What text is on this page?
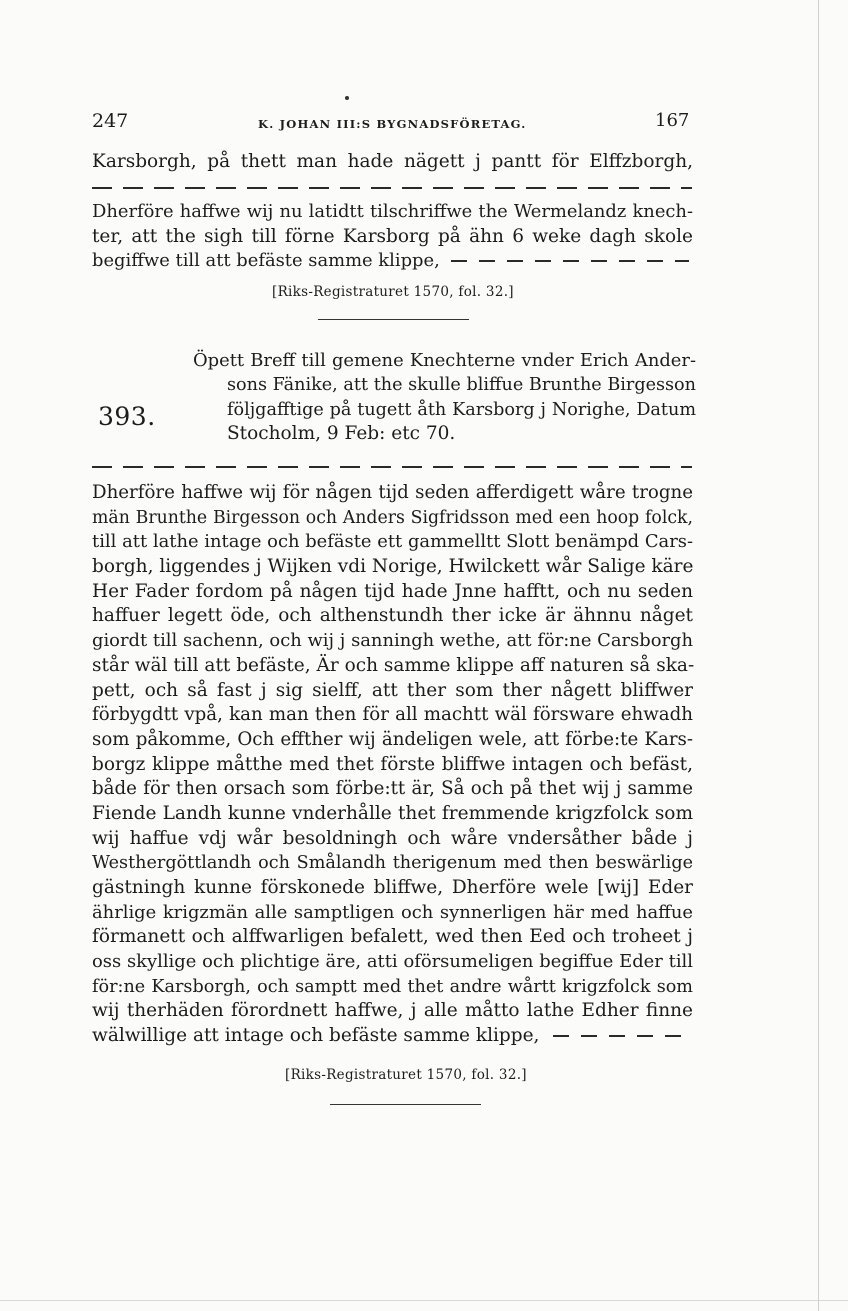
247	K. JOHAN III:S BYGNADSFÖRETAG.	167
Karsborgh, på thett man hade nägett j pantt för Elffzborgh,
Dherföre haffwe wij nu latidtt tilschriffwe the Wermelandz knech-
ter, att the sigh till förne Karsborg på ähn 6 weke dagh skole
begiffwe till att befäste samme klippe,
[Riks-Registraturet 1570, fol. 32.]
393.
Öpett Breff till gemene Knechterne vnder Erich Ander-
sons Fänike, att the skulle bliffue Brunthe Birgesson
följgafftige på tugett åth Karsborg j Norighe, Datum
Stocholm, 9 Feb: etc 70.
Dherföre haffwe wij för någen tijd seden afferdigett wåre trogne
män Brunthe Birgesson och Anders Sigfridsson med een hoop folck,
till att lathe intage och befäste ett gammelltt Slott benämpd Cars-
borgh, liggendes j Wijken vdi Norige, Hwilckett wår Salige käre
Her Fader fordom på någen tijd hade Jnne hafftt, och nu seden
haffuer legett öde, och althenstundh ther icke är ähnnu någet
giordt till sachenn, och wij j sanningh wethe, att för:ne Carsborgh
står wäl till att befäste, Är och samme klippe aff naturen så ska-
pett, och så fast j sig sielff, att ther som ther någett bliffwer
förbygdtt vpå, kan man then för all machtt wäl försware ehwadh
som påkomme, Och effther wij ändeligen wele, att förbe:te Kars-
borgz klippe måtthe med thet förste bliffwe intagen och befäst,
både för then orsach som förbe:tt är, Så och på thet wij j samme
Fiende Landh kunne vnderhålle thet fremmende krigzfolck som
wij haffue vdj wår besoldningh och wåre vndersåther både j
Westhergöttlandh och Smålandh therigenum med then beswärlige
gästningh kunne förskonede bliffwe, Dherföre wele [wij] Eder
ährlige krigzmän alle samptligen och synnerligen här med haffue
förmanett och alffwarligen befalett, wed then Eed och troheet j
oss skyllige och plichtige äre, atti oförsumeligen begiffue Eder till
för:ne Karsborgh, och samptt med thet andre wårtt krigzfolck som
wij therhäden förordnett haffwe, j alle måtto lathe Edher finne
wälwillige att intage och befäste samme klippe,
[Riks-Registraturet 1570, fol. 32.]
